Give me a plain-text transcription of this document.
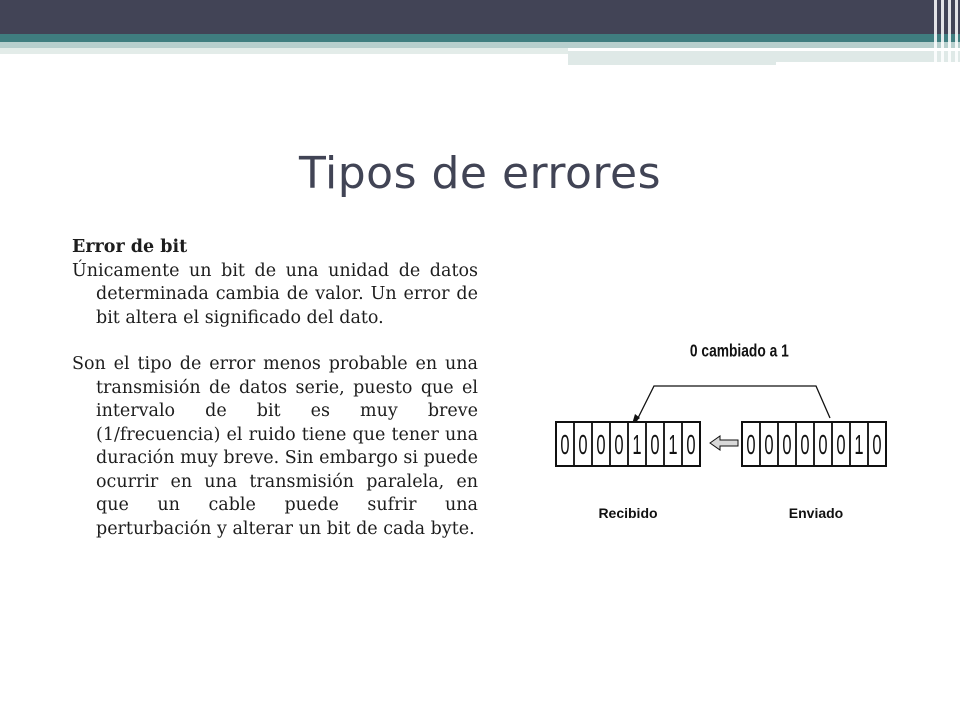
Tipos de errores
Error de bit

Únicamente un bit de una unidad de datos determinada cambia de valor. Un error de bit altera el significado del dato.

Son el tipo de error menos probable en una transmisión de datos serie, puesto que el intervalo de bit es muy breve (1/frecuencia) el ruido tiene que tener una duración muy breve. Sin embargo si puede ocurrir en una transmisión paralela, en que un cable puede sufrir una perturbación y alterar un bit de cada byte.

0 cambiado a 1
0 0 0 0 1 0 1 0 0 0 0 0 0 0 1 0
Recibido	Enviado
